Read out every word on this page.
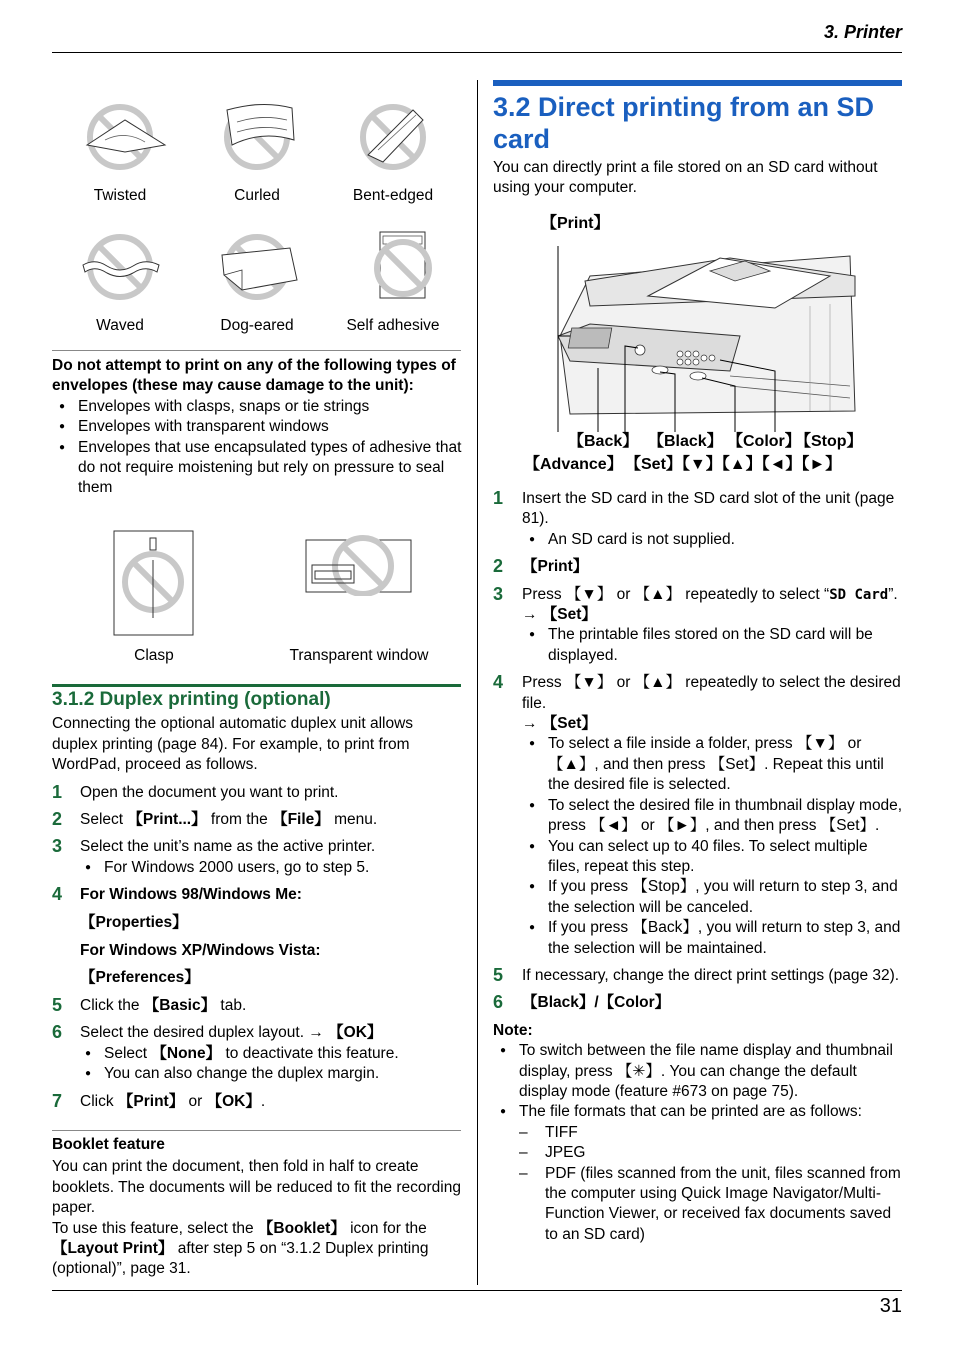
3. Printer
Twisted	Curled	Bent-edged
Waved	Dog-eared	Self adhesive
Do not attempt to print on any of the following types of envelopes (these may cause damage to the unit):
● Envelopes with clasps, snaps or tie strings
● Envelopes with transparent windows
● Envelopes that use encapsulated types of adhesive that do not require moistening but rely on pressure to seal them
Clasp	Transparent window
3.1.2 Duplex printing (optional)
Connecting the optional automatic duplex unit allows duplex printing (page 84). For example, to print from WordPad, proceed as follows.
1 Open the document you want to print.
2 Select 【Print...】 from the 【File】 menu.
3 Select the unit’s name as the active printer.
● For Windows 2000 users, go to step 5.
4 For Windows 98/Windows Me:
【Properties】
For Windows XP/Windows Vista:
【Preferences】
5 Click the 【Basic】 tab.
6 Select the desired duplex layout. → 【OK】
● Select 【None】 to deactivate this feature.
● You can also change the duplex margin.
7 Click 【Print】 or 【OK】.
Booklet feature
You can print the document, then fold in half to create booklets. The documents will be reduced to fit the recording paper.
To use this feature, select the 【Booklet】 icon for the 【Layout Print】 after step 5 on “3.1.2 Duplex printing (optional)”, page 31.
3.2 Direct printing from an SD card
You can directly print a file stored on an SD card without using your computer.
【Print】
【Back】 【Black】 【Color】
【Stop】
【Advance】 【Set】【▼】【▲】【◄】【►】
1 Insert the SD card in the SD card slot of the unit (page 81).
● An SD card is not supplied.
2 【Print】
3 Press 【▼】 or 【▲】 repeatedly to select “SD Card”.
→ 【Set】
● The printable files stored on the SD card will be displayed.
4 Press 【▼】 or 【▲】 repeatedly to select the desired file.
→ 【Set】
● To select a file inside a folder, press 【▼】 or 【▲】, and then press 【Set】. Repeat this until the desired file is selected.
● To select the desired file in thumbnail display mode, press 【◄】 or 【►】, and then press 【Set】.
● You can select up to 40 files. To select multiple files, repeat this step.
● If you press 【Stop】, you will return to step 3, and the selection will be canceled.
● If you press 【Back】, you will return to step 3, and the selection will be maintained.
5 If necessary, change the direct print settings (page 32).
6 【Black】/【Color】
Note:
● To switch between the file name display and thumbnail display, press 【✳】. You can change the default display mode (feature #673 on page 75).
● The file formats that can be printed are as follows:
– TIFF
– JPEG
– PDF (files scanned from the unit, files scanned from the computer using Quick Image Navigator/Multi-Function Viewer, or received fax documents saved to an SD card)
31
